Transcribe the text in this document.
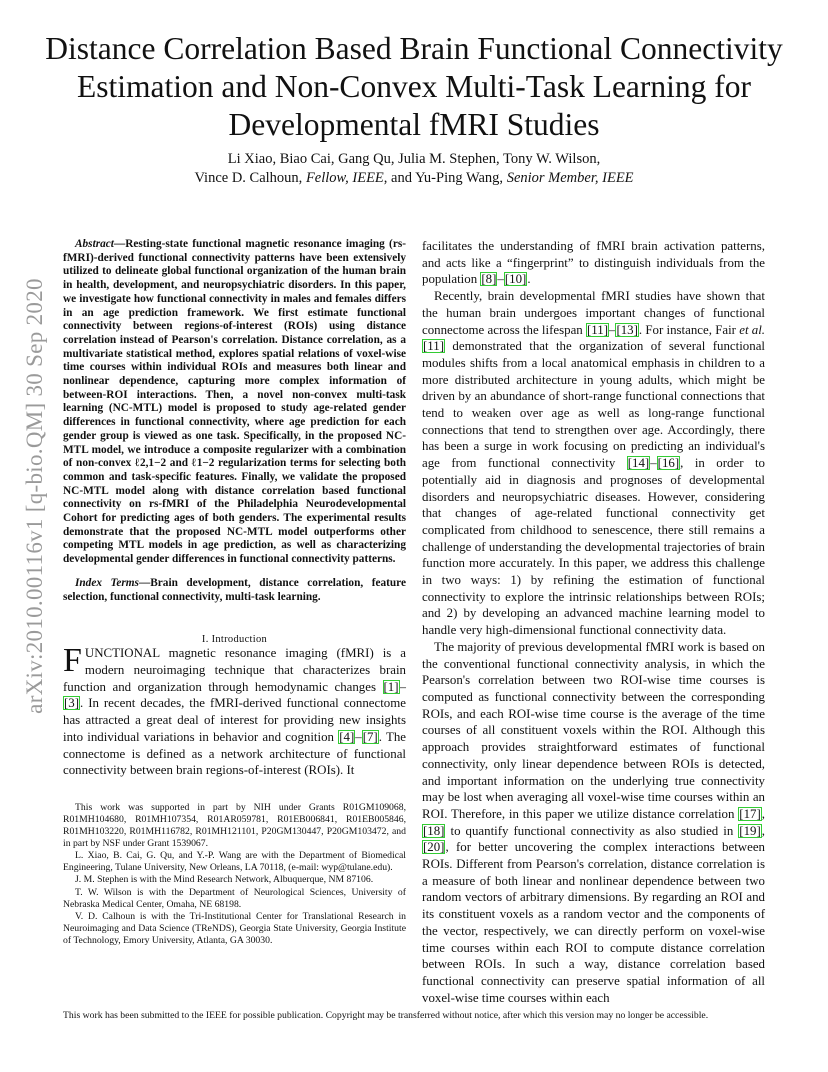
arXiv:2010.00116v1 [q-bio.QM] 30 Sep 2020
Distance Correlation Based Brain Functional Connectivity Estimation and Non-Convex Multi-Task Learning for Developmental fMRI Studies
Li Xiao, Biao Cai, Gang Qu, Julia M. Stephen, Tony W. Wilson,
Vince D. Calhoun, Fellow, IEEE, and Yu-Ping Wang, Senior Member, IEEE

Abstract—Resting-state functional magnetic resonance imaging (rs-fMRI)-derived functional connectivity patterns have been extensively utilized to delineate global functional organization of the human brain in health, development, and neuropsychiatric disorders. In this paper, we investigate how functional connectivity in males and females differs in an age prediction framework. We first estimate functional connectivity between regions-of-interest (ROIs) using distance correlation instead of Pearson's correlation. Distance correlation, as a multivariate statistical method, explores spatial relations of voxel-wise time courses within individual ROIs and measures both linear and nonlinear dependence, capturing more complex information of between-ROI interactions. Then, a novel non-convex multi-task learning (NC-MTL) model is proposed to study age-related gender differences in functional connectivity, where age prediction for each gender group is viewed as one task. Specifically, in the proposed NC-MTL model, we introduce a composite regularizer with a combination of non-convex ℓ2,1−2 and ℓ1−2 regularization terms for selecting both common and task-specific features. Finally, we validate the proposed NC-MTL model along with distance correlation based functional connectivity on rs-fMRI of the Philadelphia Neurodevelopmental Cohort for predicting ages of both genders. The experimental results demonstrate that the proposed NC-MTL model outperforms other competing MTL models in age prediction, as well as characterizing developmental gender differences in functional connectivity patterns.

Index Terms—Brain development, distance correlation, feature selection, functional connectivity, multi-task learning.
I. Introduction

FUNCTIONAL magnetic resonance imaging (fMRI) is a modern neuroimaging technique that characterizes brain function and organization through hemodynamic changes [1]–[3]. In recent decades, the fMRI-derived functional connectome has attracted a great deal of interest for providing new insights into individual variations in behavior and cognition [4]–[7]. The connectome is defined as a network architecture of functional connectivity between brain regions-of-interest (ROIs). It

This work was supported in part by NIH under Grants R01GM109068, R01MH104680, R01MH107354, R01AR059781, R01EB006841, R01EB005846, R01MH103220, R01MH116782, R01MH121101, P20GM130447, P20GM103472, and in part by NSF under Grant 1539067.

L. Xiao, B. Cai, G. Qu, and Y.-P. Wang are with the Department of Biomedical Engineering, Tulane University, New Orleans, LA 70118, (e-mail: wyp@tulane.edu).

J. M. Stephen is with the Mind Research Network, Albuquerque, NM 87106.

T. W. Wilson is with the Department of Neurological Sciences, University of Nebraska Medical Center, Omaha, NE 68198.

V. D. Calhoun is with the Tri-Institutional Center for Translational Research in Neuroimaging and Data Science (TReNDS), Georgia State University, Georgia Institute of Technology, Emory University, Atlanta, GA 30030.

facilitates the understanding of fMRI brain activation patterns, and acts like a “fingerprint” to distinguish individuals from the population [8]–[10].

Recently, brain developmental fMRI studies have shown that the human brain undergoes important changes of functional connectome across the lifespan [11]–[13]. For instance, Fair et al. [11] demonstrated that the organization of several functional modules shifts from a local anatomical emphasis in children to a more distributed architecture in young adults, which might be driven by an abundance of short-range functional connections that tend to weaken over age as well as long-range functional connections that tend to strengthen over age. Accordingly, there has been a surge in work focusing on predicting an individual's age from functional connectivity [14]–[16], in order to potentially aid in diagnosis and prognoses of developmental disorders and neuropsychiatric diseases. However, considering that changes of age-related functional connectivity get complicated from childhood to senescence, there still remains a challenge of understanding the developmental trajectories of brain function more accurately. In this paper, we address this challenge in two ways: 1) by refining the estimation of functional connectivity to explore the intrinsic relationships between ROIs; and 2) by developing an advanced machine learning model to handle very high-dimensional functional connectivity data.

The majority of previous developmental fMRI work is based on the conventional functional connectivity analysis, in which the Pearson's correlation between two ROI-wise time courses is computed as functional connectivity between the corresponding ROIs, and each ROI-wise time course is the average of the time courses of all constituent voxels within the ROI. Although this approach provides straightforward estimates of functional connectivity, only linear dependence between ROIs is detected, and important information on the underlying true connectivity may be lost when averaging all voxel-wise time courses within an ROI. Therefore, in this paper we utilize distance correlation [17], [18] to quantify functional connectivity as also studied in [19], [20], for better uncovering the complex interactions between ROIs. Different from Pearson's correlation, distance correlation is a measure of both linear and nonlinear dependence between two random vectors of arbitrary dimensions. By regarding an ROI and its constituent voxels as a random vector and the components of the vector, respectively, we can directly perform on voxel-wise time courses within each ROI to compute distance correlation between ROIs. In such a way, distance correlation based functional connectivity can preserve spatial information of all voxel-wise time courses within each

This work has been submitted to the IEEE for possible publication. Copyright may be transferred without notice, after which this version may no longer be accessible.
